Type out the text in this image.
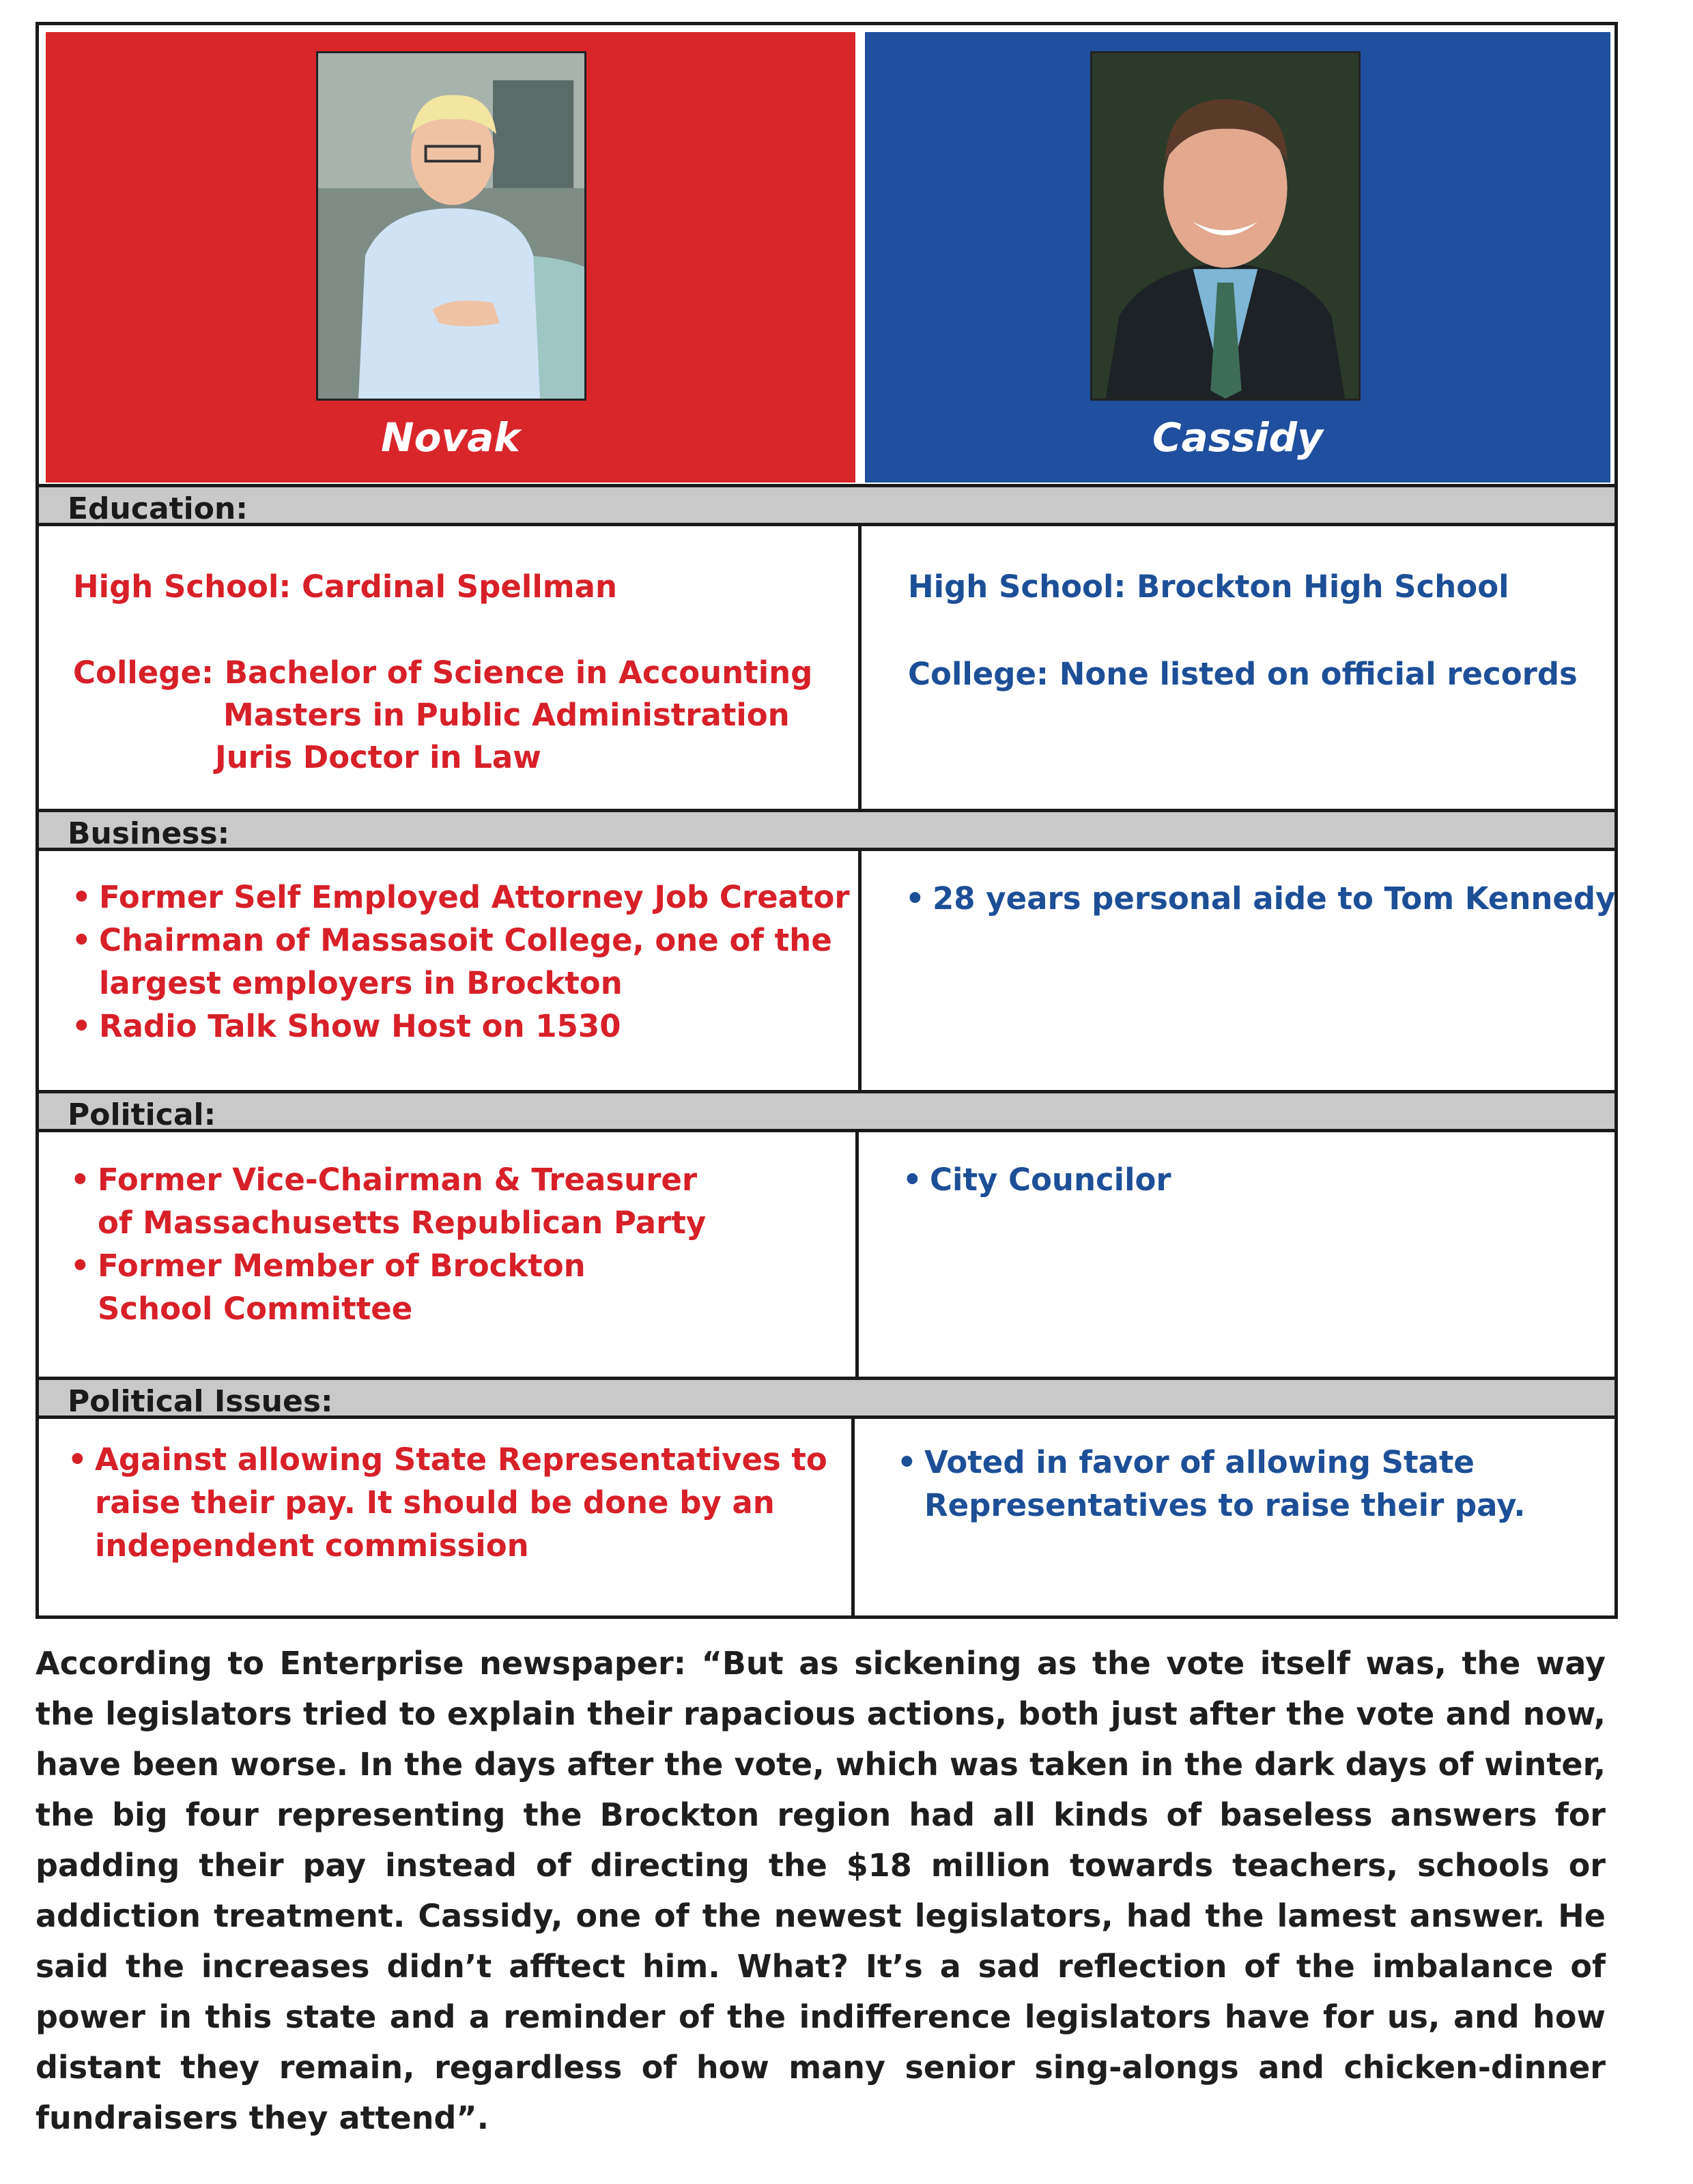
Novak	Cassidy
Education:
High School: Cardinal Spellman
College: Bachelor of Science in Accounting
Masters in Public Administration
Juris Doctor in Law
High School: Brockton High School
College: None listed on official records
Business:
• Former Self Employed Attorney Job Creator
• Chairman of Massasoit College, one of the
largest employers in Brockton
• Radio Talk Show Host on 1530
• 28 years personal aide to Tom Kennedy
Political:
• Former Vice-Chairman & Treasurer
of Massachusetts Republican Party
• Former Member of Brockton
School Committee
• City Councilor
Political Issues:
• Against allowing State Representatives to
raise their pay. It should be done by an
independent commission
• Voted in favor of allowing State
Representatives to raise their pay.
According to Enterprise newspaper: “But as sickening as the vote itself was, the way the legislators tried to explain their rapacious actions, both just after the vote and now, have been worse. In the days after the vote, which was taken in the dark days of winter, the big four representing the Brockton region had all kinds of baseless answers for padding their pay instead of directing the $18 million towards teachers, schools or addiction treatment. Cassidy, one of the newest legislators, had the lamest answer. He said the increases didn’t afftect him. What? It’s a sad reflection of the imbalance of power in this state and a reminder of the indifference legislators have for us, and how distant they remain, regardless of how many senior sing-alongs and chicken-dinner fundraisers they attend”.
